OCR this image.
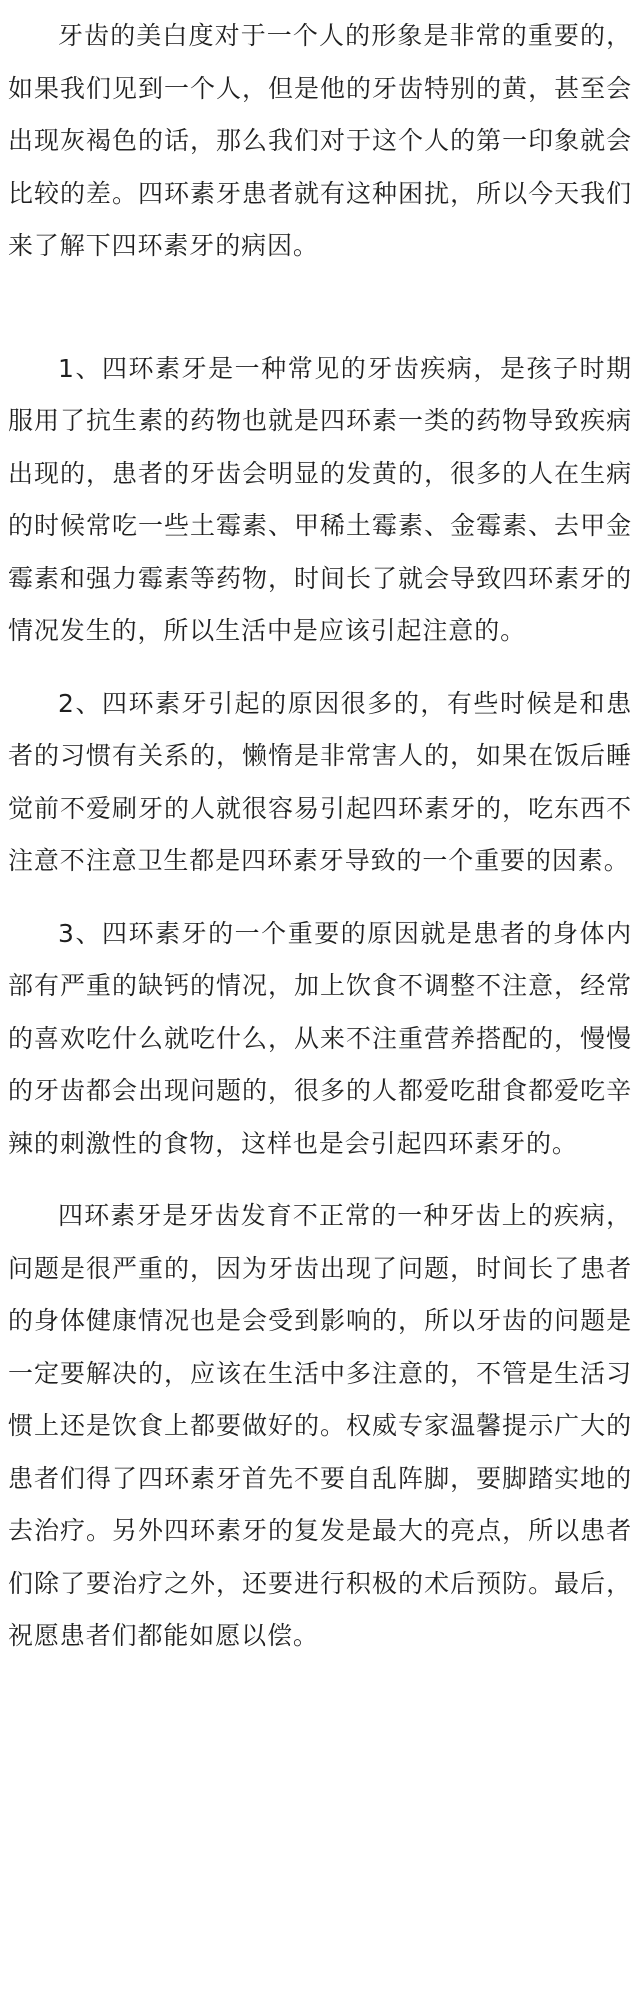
牙齿的美白度对于一个人的形象是非常的重要的，如果我们见到一个人，但是他的牙齿特别的黄，甚至会出现灰褐色的话，那么我们对于这个人的第一印象就会比较的差。四环素牙患者就有这种困扰，所以今天我们来了解下四环素牙的病因。

1、四环素牙是一种常见的牙齿疾病，是孩子时期服用了抗生素的药物也就是四环素一类的药物导致疾病出现的，患者的牙齿会明显的发黄的，很多的人在生病的时候常吃一些土霉素、甲稀土霉素、金霉素、去甲金霉素和强力霉素等药物，时间长了就会导致四环素牙的情况发生的，所以生活中是应该引起注意的。

2、四环素牙引起的原因很多的，有些时候是和患者的习惯有关系的，懒惰是非常害人的，如果在饭后睡觉前不爱刷牙的人就很容易引起四环素牙的，吃东西不注意不注意卫生都是四环素牙导致的一个重要的因素。

3、四环素牙的一个重要的原因就是患者的身体内部有严重的缺钙的情况，加上饮食不调整不注意，经常的喜欢吃什么就吃什么，从来不注重营养搭配的，慢慢的牙齿都会出现问题的，很多的人都爱吃甜食都爱吃辛辣的刺激性的食物，这样也是会引起四环素牙的。

四环素牙是牙齿发育不正常的一种牙齿上的疾病，问题是很严重的，因为牙齿出现了问题，时间长了患者的身体健康情况也是会受到影响的，所以牙齿的问题是一定要解决的，应该在生活中多注意的，不管是生活习惯上还是饮食上都要做好的。权威专家温馨提示广大的患者们得了四环素牙首先不要自乱阵脚，要脚踏实地的去治疗。另外四环素牙的复发是最大的亮点，所以患者们除了要治疗之外，还要进行积极的术后预防。最后，祝愿患者们都能如愿以偿。
